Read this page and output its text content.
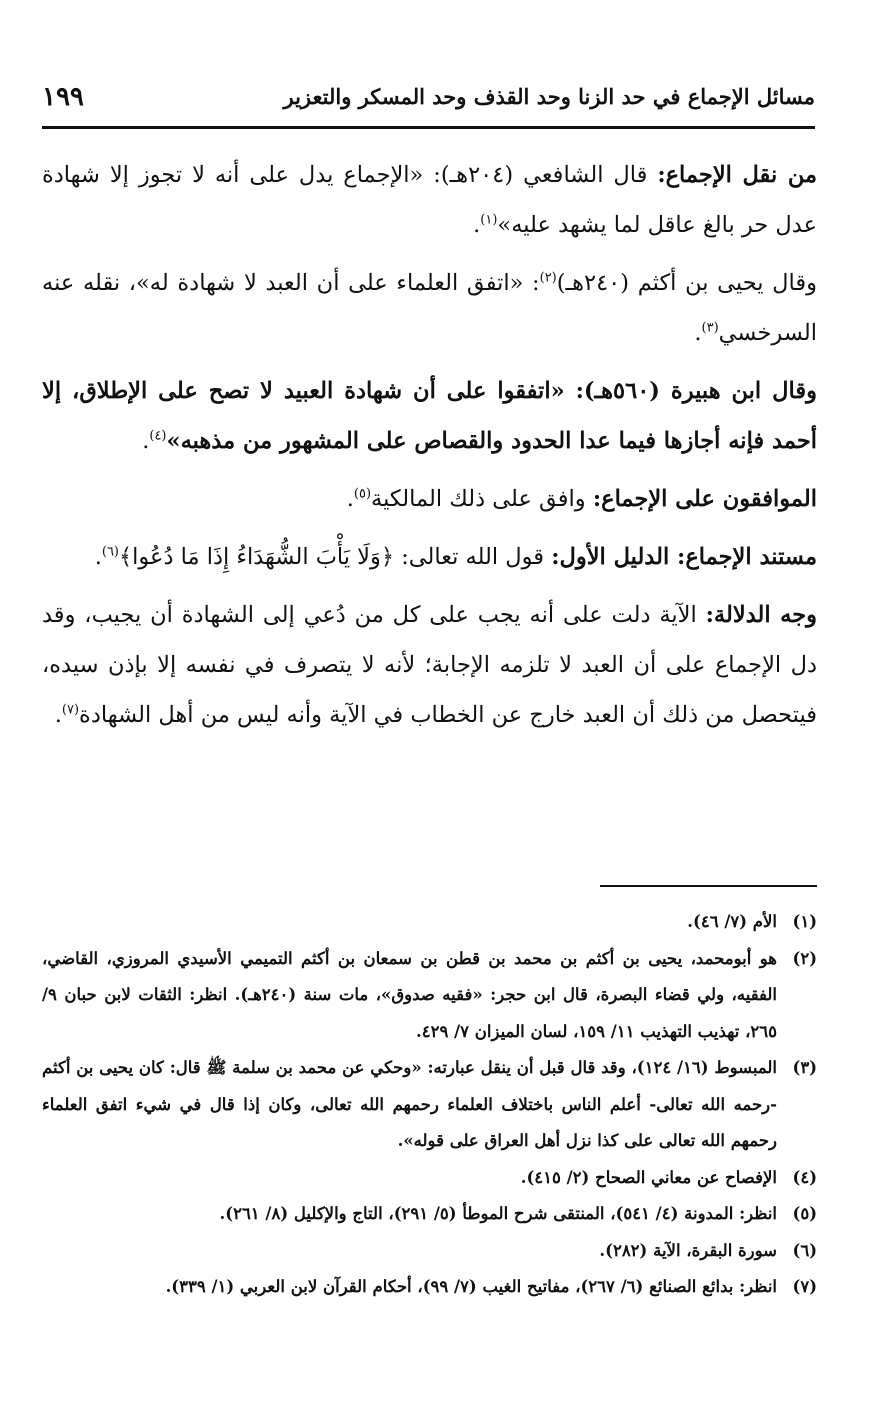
مسائل الإجماع في حد الزنا وحد القذف وحد المسكر والتعزير
١٩٩

من نقل الإجماع: قال الشافعي (٢٠٤هـ): «الإجماع يدل على أنه لا تجوز إلا شهادة عدل حر بالغ عاقل لما يشهد عليه»$^{(١)}$.

وقال يحيى بن أكثم (٢٤٠هـ)$^{(٢)}$: «اتفق العلماء على أن العبد لا شهادة له»، نقله عنه السرخسي$^{(٣)}$.

وقال ابن هبيرة (٥٦٠هـ): «اتفقوا على أن شهادة العبيد لا تصح على الإطلاق، إلا أحمد فإنه أجازها فيما عدا الحدود والقصاص على المشهور من مذهبه»$^{(٤)}$.

الموافقون على الإجماع: وافق على ذلك المالكية$^{(٥)}$.

مستند الإجماع: الدليل الأول: قول الله تعالى: ﴿وَلَا يَأْبَ الشُّهَدَاءُ إِذَا مَا دُعُوا﴾$^{(٦)}$.

وجه الدلالة: الآية دلت على أنه يجب على كل من دُعي إلى الشهادة أن يجيب، وقد دل الإجماع على أن العبد لا تلزمه الإجابة؛ لأنه لا يتصرف في نفسه إلا بإذن سيده، فيتحصل من ذلك أن العبد خارج عن الخطاب في الآية وأنه ليس من أهل الشهادة$^{(٧)}$.

(١)
الأم (٧/ ٤٦).
(٢)
هو أبومحمد، يحيى بن أكثم بن محمد بن قطن بن سمعان بن أكثم التميمي الأسيدي المروزي، القاضي، الفقيه، ولي قضاء البصرة، قال ابن حجر: «فقيه صدوق»، مات سنة (٢٤٠هـ). انظر: الثقات لابن حبان ٩/ ٢٦٥، تهذيب التهذيب ١١/ ١٥٩، لسان الميزان ٧/ ٤٢٩.
(٣)
المبسوط (١٦/ ١٢٤)، وقد قال قبل أن ينقل عبارته: «وحكي عن محمد بن سلمة ﷺ قال: كان يحيى بن أكثم -رحمه الله تعالى- أعلم الناس باختلاف العلماء رحمهم الله تعالى، وكان إذا قال في شيء اتفق العلماء رحمهم الله تعالى على كذا نزل أهل العراق على قوله».
(٤)
الإفصاح عن معاني الصحاح (٢/ ٤١٥).
(٥)
انظر: المدونة (٤/ ٥٤١)، المنتقى شرح الموطأ (٥/ ٢٩١)، التاج والإكليل (٨/ ٢٦١).
(٦)
سورة البقرة، الآية (٢٨٢).
(٧)
انظر: بدائع الصنائع (٦/ ٢٦٧)، مفاتيح الغيب (٧/ ٩٩)، أحكام القرآن لابن العربي (١/ ٣٣٩).
